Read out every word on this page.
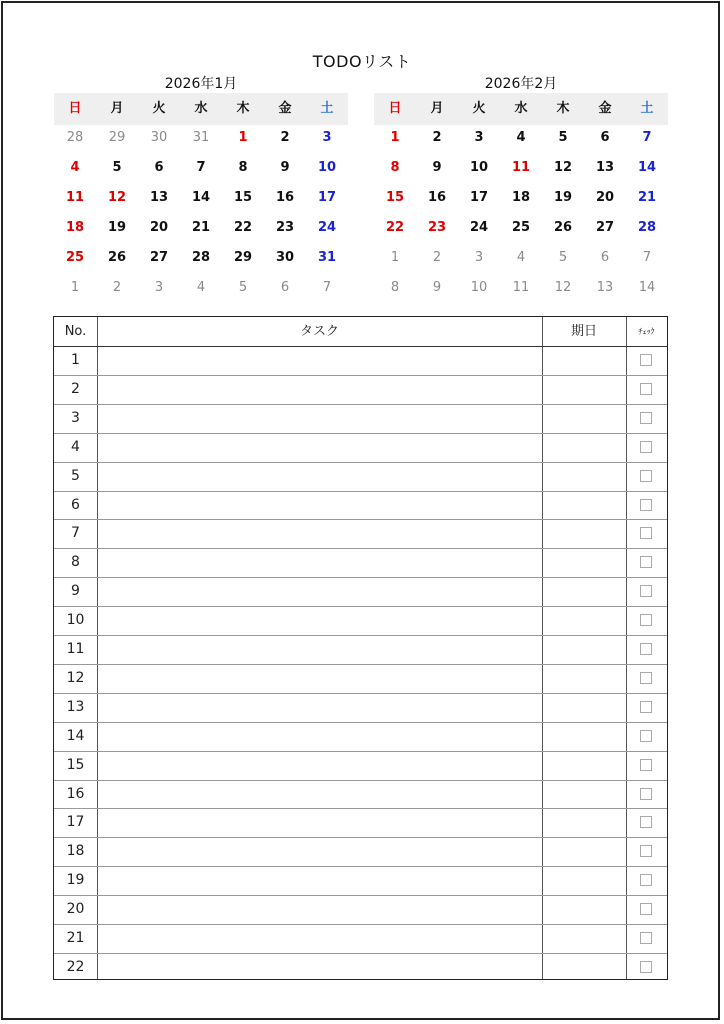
TODOリスト
2026年1月
日	月	火	水	木	金	土
28	29	30	31	1	2	3
4	5	6	7	8	9	10
11	12	13	14	15	16	17
18	19	20	21	22	23	24
25	26	27	28	29	30	31
1	2	3	4	5	6	7
2026年2月
日	月	火	水	木	金	土
1	2	3	4	5	6	7
8	9	10	11	12	13	14
15	16	17	18	19	20	21
22	23	24	25	26	27	28
1	2	3	4	5	6	7
8	9	10	11	12	13	14
No.	タスク	期日	ﾁｪｯｸ
1
2
3
4
5
6
7
8
9
10
11
12
13
14
15
16
17
18
19
20
21
22
